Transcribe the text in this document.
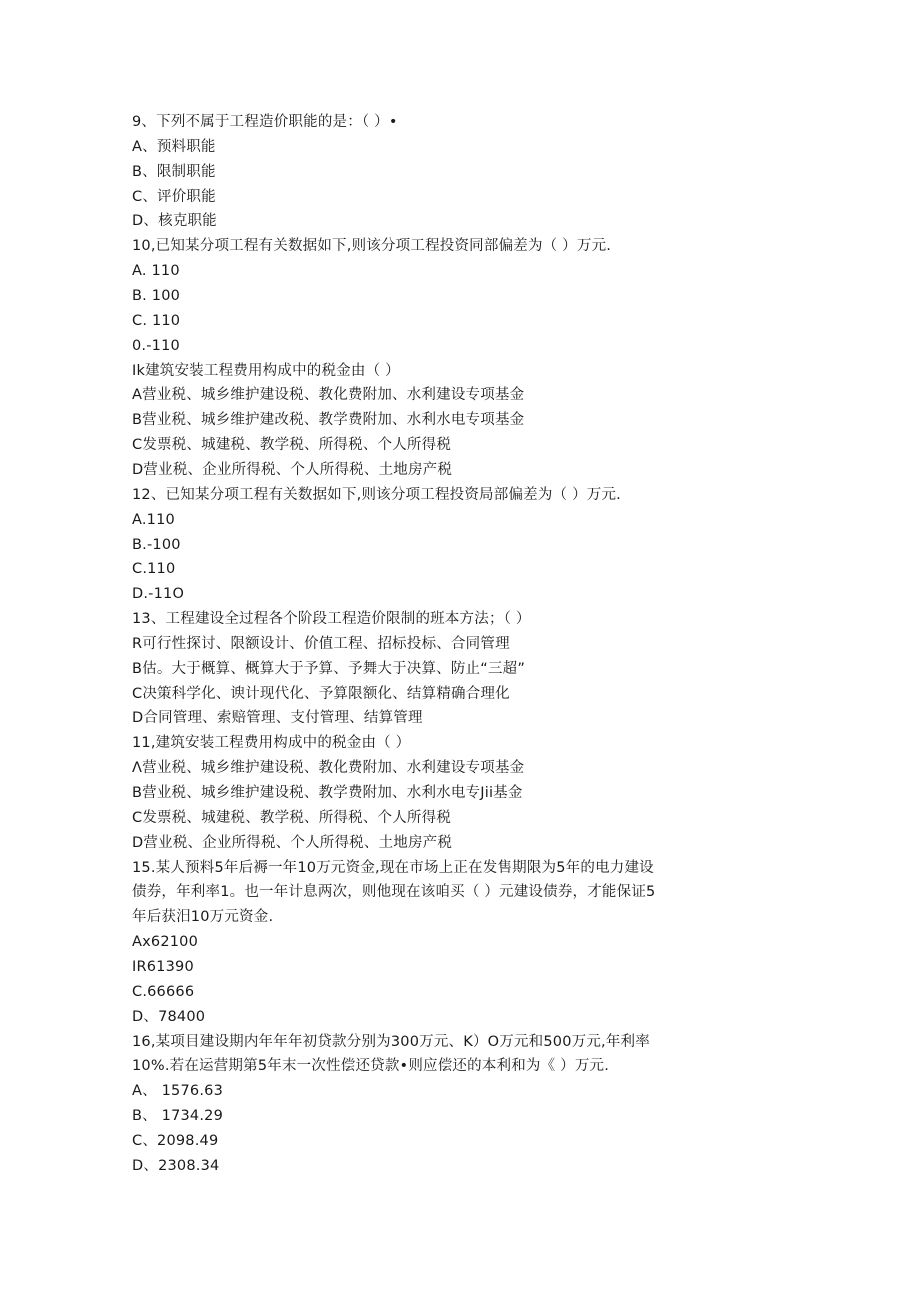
9、下列不属于工程造价职能的是：（ ）•
A、预料职能
B、限制职能
C、评价职能
D、核克职能
10,已知某分项工程有关数据如下,则该分项工程投资同部偏差为（ ）万元.
A. 110
B. 100
C. 110
0.-110
Ik建筑安装工程费用构成中的税金由（ ）
A营业税、城乡维护建设税、教化费附加、水利建设专项基金
B营业税、城乡维护建改税、教学费附加、水利水电专项基金
C发票税、城建税、教学税、所得税、个人所得税
D营业税、企业所得税、个人所得税、土地房产税
12、已知某分项工程有关数据如下,则该分项工程投资局部偏差为（ ）万元.
A.110
B.-100
C.110
D.-11O
13、工程建设全过程各个阶段工程造价限制的班本方法；（ ）
R可行性探讨、限额设计、价值工程、招标投标、合同管理
B估。大于概算、概算大于予算、予舞大于决算、防止“三超”
C决策科学化、谀计现代化、予算限额化、结算精确合理化
D合同管理、索赔管理、支付管理、结算管理
11,建筑安装工程费用构成中的税金由（ ）
Λ营业税、城乡维护建设税、教化费附加、水利建设专项基金
B营业税、城乡维护建设税、教学费附加、水利水电专Jii基金
C发票税、城建税、教学税、所得税、个人所得税
D营业税、企业所得税、个人所得税、土地房产税
15.某人预料5年后褥一年10万元资金,现在市场上正在发售期限为5年的电力建设
债券，年利率1。也一年计息两次，则他现在该咱买（ ）元建设债券，才能保证5
年后获汨10万元资金.
Ax62100
IR61390
C.66666
D、78400
16,某项目建设期内年年年初贷款分别为300万元、K）O万元和500万元,年利率
10%.若在运营期第5年末一次性偿还贷款•则应偿还的本利和为《 ）万元.
A、 1576.63
B、 1734.29
C、2098.49
D、2308.34
